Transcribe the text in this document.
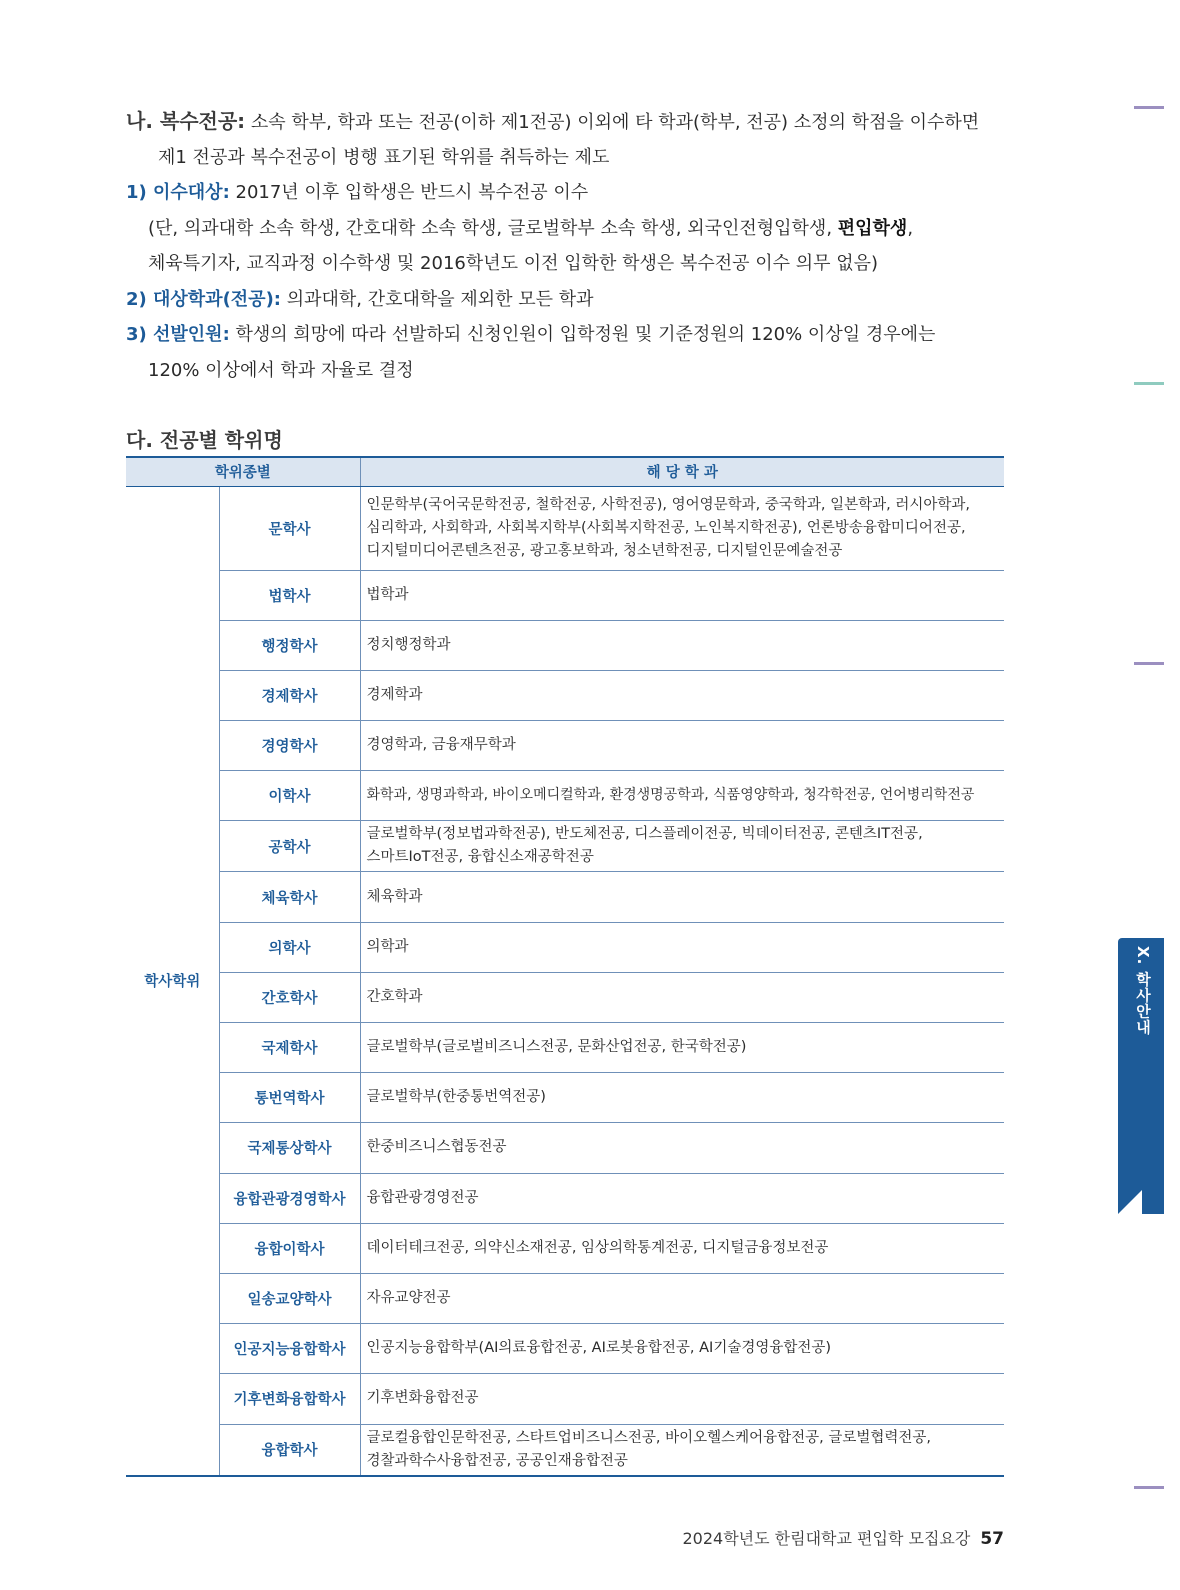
나. 복수전공: 소속 학부, 학과 또는 전공(이하 제1전공) 이외에 타 학과(학부, 전공) 소정의 학점을 이수하면
제1 전공과 복수전공이 병행 표기된 학위를 취득하는 제도
1) 이수대상: 2017년 이후 입학생은 반드시 복수전공 이수
(단, 의과대학 소속 학생, 간호대학 소속 학생, 글로벌학부 소속 학생, 외국인전형입학생, 편입학생,
체육특기자, 교직과정 이수학생 및 2016학년도 이전 입학한 학생은 복수전공 이수 의무 없음)
2) 대상학과(전공): 의과대학, 간호대학을 제외한 모든 학과
3) 선발인원: 학생의 희망에 따라 선발하되 신청인원이 입학정원 및 기준정원의 120% 이상일 경우에는
120% 이상에서 학과 자율로 결정
다. 전공별 학위명
학위종별		해 당 학 과
학사학위	문학사	인문학부(국어국문학전공, 철학전공, 사학전공), 영어영문학과, 중국학과, 일본학과, 러시아학과,
심리학과, 사회학과, 사회복지학부(사회복지학전공, 노인복지학전공), 언론방송융합미디어전공,
디지털미디어콘텐츠전공, 광고홍보학과, 청소년학전공, 디지털인문예술전공

	법학사	법학과
	행정학사	정치행정학과
	경제학사	경제학과
	경영학사	경영학과, 금융재무학과
	이학사	화학과, 생명과학과, 바이오메디컬학과, 환경생명공학과, 식품영양학과, 청각학전공, 언어병리학전공
	공학사	글로벌학부(정보법과학전공), 반도체전공, 디스플레이전공, 빅데이터전공, 콘텐츠IT전공,
스마트IoT전공, 융합신소재공학전공

	체육학사	체육학과
	의학사	의학과
	간호학사	간호학과
	국제학사	글로벌학부(글로벌비즈니스전공, 문화산업전공, 한국학전공)
	통번역학사	글로벌학부(한중통번역전공)
	국제통상학사	한중비즈니스협동전공
	융합관광경영학사	융합관광경영전공
	융합이학사	데이터테크전공, 의약신소재전공, 임상의학통계전공, 디지털금융정보전공
	일송교양학사	자유교양전공
	인공지능융합학사	인공지능융합학부(AI의료융합전공, AI로봇융합전공, AI기술경영융합전공)
	기후변화융합학사	기후변화융합전공
	융합학사	글로컬융합인문학전공, 스타트업비즈니스전공, 바이오헬스케어융합전공, 글로벌협력전공,
경찰과학수사융합전공, 공공인재융합전공
X. 학사안내
2024학년도 한림대학교 편입학 모집요강 57
